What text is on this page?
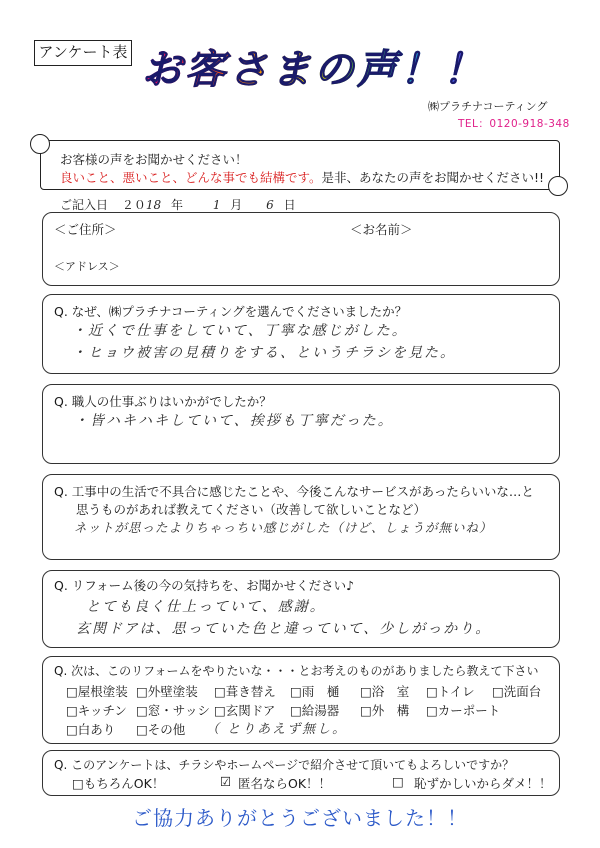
アンケート表 お客さまの声！！
㈱プラチナコーティング
TEL：0120-918-348
お客様の声をお聞かせください！
良いこと、悪いこと、どんな事でも結構です。是非、あなたの声をお聞かせください!!
ご記入日 ２０18 年 1 月 6 日
＜ご住所＞	＜お名前＞
＜アドレス＞
Q. なぜ、㈱プラチナコーティングを選んでくださいましたか？
・近くで仕事をしていて、丁寧な感じがした。
・ヒョウ被害の見積りをする、というチラシを見た。
Q. 職人の仕事ぶりはいかがでしたか？
・皆ハキハキしていて、挨拶も丁寧だった。
Q. 工事中の生活で不具合に感じたことや、今後こんなサービスがあったらいいな…と
思うものがあれば教えてください（改善して欲しいことなど）
ネットが思ったよりちゃっちい感じがした（けど、しょうが無いね）
Q. リフォーム後の今の気持ちを、お聞かせください♪
とても良く仕上っていて、感謝。
玄関ドアは、思っていた色と違っていて、少しがっかり。
Q. 次は、このリフォームをやりたいな・・・とお考えのものがありましたら教えて下さい
□屋根塗装 □外壁塗装 □葺き替え □雨　樋 □浴　室 □トイレ □洗面台
□キッチン □窓・サッシ □玄関ドア □給湯器 □外　構 □カーポート
□白あり □その他 （ とりあえず無し。
Q. このアンケートは、チラシやホームページで紹介させて頂いてもよろしいですか？
□もちろんOK！	☑ 匿名ならOK！！	□ 恥ずかしいからダメ！！
ご協力ありがとうございました！！
